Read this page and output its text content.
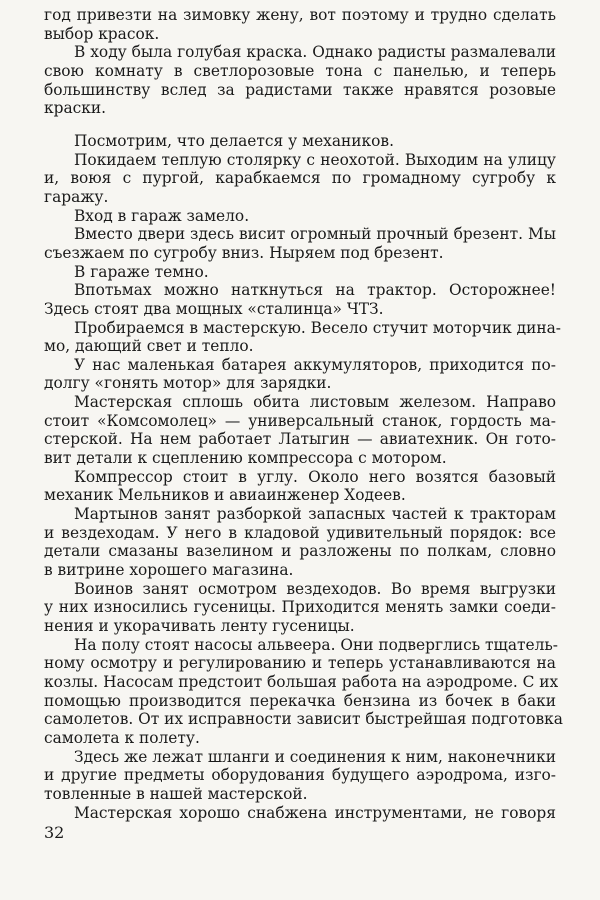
год привезти на зимовку жену, вот поэтому и трудно сделать
выбор красок.
В ходу была голубая краска. Однако радисты размалевали
свою комнату в светлорозовые тона с панелью, и теперь
большинству вслед за радистами также нравятся розовые
краски.
Посмотрим, что делается у механиков.
Покидаем теплую столярку с неохотой. Выходим на улицу
и, воюя с пургой, карабкаемся по громадному сугробу к
гаражу.
Вход в гараж замело.
Вместо двери здесь висит огромный прочный брезент. Мы
съезжаем по сугробу вниз. Ныряем под брезент.
В гараже темно.
Впотьмах можно наткнуться на трактор. Осторожнее!
Здесь стоят два мощных «сталинца» ЧТЗ.
Пробираемся в мастерскую. Весело стучит моторчик дина-
мо, дающий свет и тепло.
У нас маленькая батарея аккумуляторов, приходится по-
долгу «гонять мотор» для зарядки.
Мастерская сплошь обита листовым железом. Направо
стоит «Комсомолец» — универсальный станок, гордость ма-
стерской. На нем работает Латыгин — авиатехник. Он гото-
вит детали к сцеплению компрессора с мотором.
Компрессор стоит в углу. Около него возятся базовый
механик Мельников и авиаинженер Ходеев.
Мартынов занят разборкой запасных частей к тракторам
и вездеходам. У него в кладовой удивительный порядок: все
детали смазаны вазелином и разложены по полкам, словно
в витрине хорошего магазина.
Воинов занят осмотром вездеходов. Во время выгрузки
у них износились гусеницы. Приходится менять замки соеди-
нения и укорачивать ленту гусеницы.
На полу стоят насосы альвеера. Они подверглись тщатель-
ному осмотру и регулированию и теперь устанавливаются на
козлы. Насосам предстоит большая работа на аэродроме. С их
помощью производится перекачка бензина из бочек в баки
самолетов. От их исправности зависит быстрейшая подготовка
самолета к полету.
Здесь же лежат шланги и соединения к ним, наконечники
и другие предметы оборудования будущего аэродрома, изго-
товленные в нашей мастерской.
Мастерская хорошо снабжена инструментами, не говоря
32
